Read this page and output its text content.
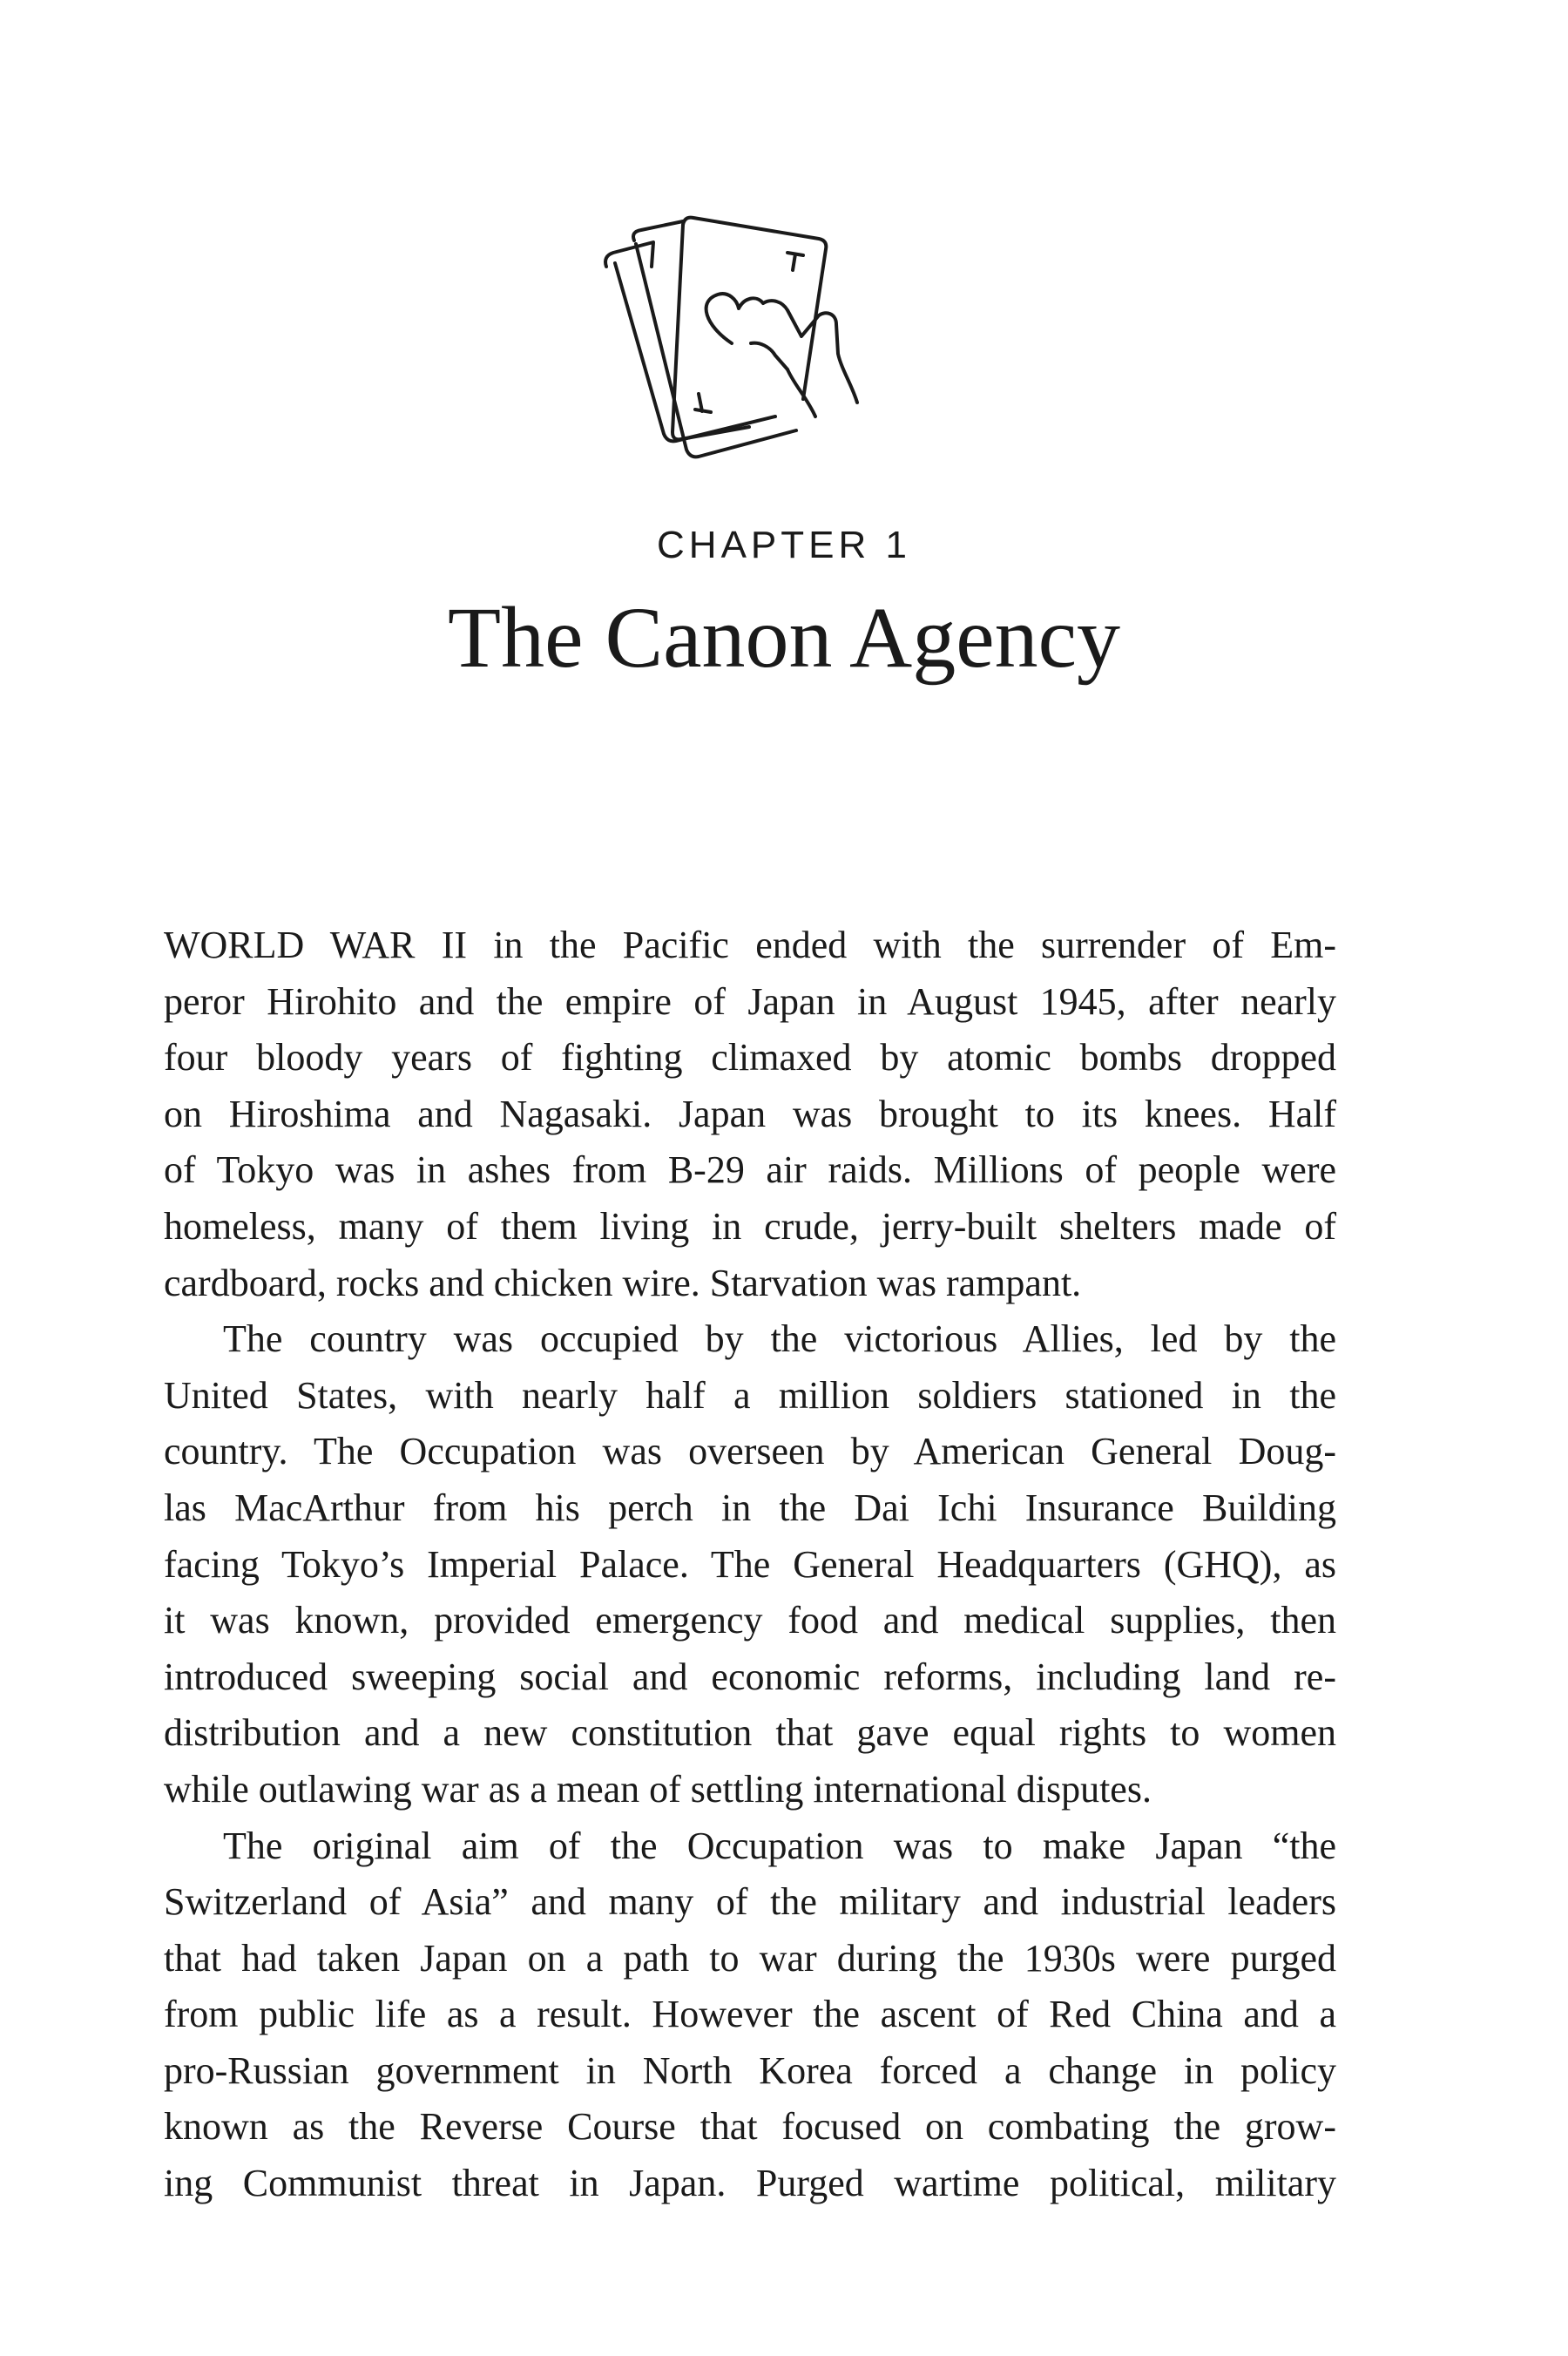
CHAPTER 1
The Canon Agency
WORLD WAR II in the Pacific ended with the surrender of Em-
peror Hirohito and the empire of Japan in August 1945, after nearly
four bloody years of fighting climaxed by atomic bombs dropped
on Hiroshima and Nagasaki. Japan was brought to its knees. Half
of Tokyo was in ashes from B-29 air raids. Millions of people were
homeless, many of them living in crude, jerry-built shelters made of
cardboard, rocks and chicken wire. Starvation was rampant.
The country was occupied by the victorious Allies, led by the
United States, with nearly half a million soldiers stationed in the
country. The Occupation was overseen by American General Doug-
las MacArthur from his perch in the Dai Ichi Insurance Building
facing Tokyo’s Imperial Palace. The General Headquarters (GHQ), as
it was known, provided emergency food and medical supplies, then
introduced sweeping social and economic reforms, including land re-
distribution and a new constitution that gave equal rights to women
while outlawing war as a mean of settling international disputes.
The original aim of the Occupation was to make Japan “the
Switzerland of Asia” and many of the military and industrial leaders
that had taken Japan on a path to war during the 1930s were purged
from public life as a result. However the ascent of Red China and a
pro-Russian government in North Korea forced a change in policy
known as the Reverse Course that focused on combating the grow-
ing Communist threat in Japan. Purged wartime political, military
